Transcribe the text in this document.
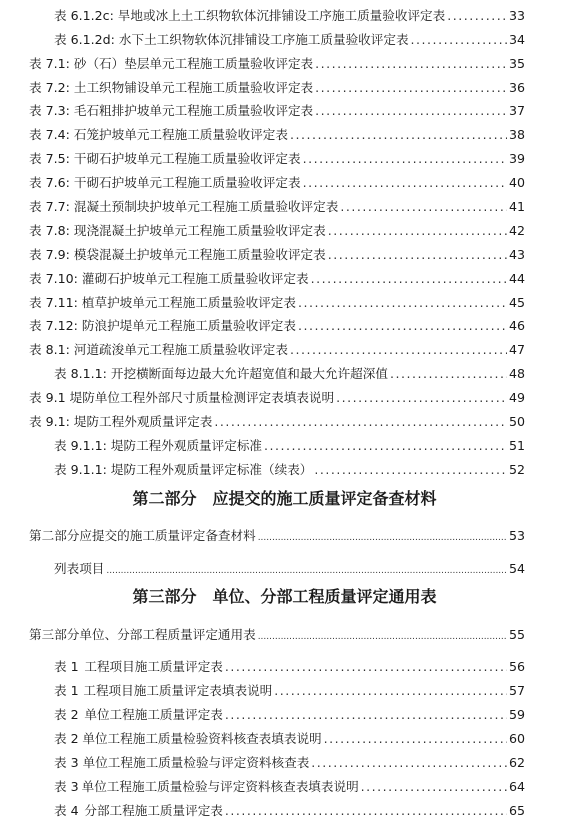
表 6.1.2c: 旱地或冰上土工织物软体沉排铺设工序施工质量验收评定表 .....	33
表 6.1.2d: 水下土工织物软体沉排铺设工序施工质量验收评定表 .....	34
表 7.1: 砂（石）垫层单元工程施工质量验收评定表 .....	35
表 7.2: 土工织物铺设单元工程施工质量验收评定表 .....	36
表 7.3: 毛石粗排护坡单元工程施工质量验收评定表 .....	37
表 7.4: 石笼护坡单元工程施工质量验收评定表 .....	38
表 7.5: 干砌石护坡单元工程施工质量验收评定表 .....	39
表 7.6: 干砌石护坡单元工程施工质量验收评定表 .....	40
表 7.7: 混凝土预制块护坡单元工程施工质量验收评定表 .....	41
表 7.8: 现浇混凝土护坡单元工程施工质量验收评定表 .....	42
表 7.9: 模袋混凝土护坡单元工程施工质量验收评定表 .....	43
表 7.10: 灌砌石护坡单元工程施工质量验收评定表 .....	44
表 7.11: 植草护坡单元工程施工质量验收评定表 .....	45
表 7.12: 防浪护堤单元工程施工质量验收评定表 .....	46
表 8.1: 河道疏浚单元工程施工质量验收评定表 .....	47
表 8.1.1: 开挖横断面每边最大允许超宽值和最大允许超深值 .....	48
表 9.1 堤防单位工程外部尺寸质量检测评定表填表说明 .....	49
表 9.1: 堤防工程外观质量评定表 .....	50
表 9.1.1: 堤防工程外观质量评定标准 .....	51
表 9.1.1: 堤防工程外观质量评定标准（续表） .....	52
第二部分　应提交的施工质量评定备查材料
第二部分应提交的施工质量评定备查材料 .....	53
列表项目 .....	54
第三部分　单位、分部工程质量评定通用表
第三部分单位、分部工程质量评定通用表 .....	55
表 1 工程项目施工质量评定表 .....	56
表 1 工程项目施工质量评定表填表说明 .....	57
表 2 单位工程施工质量评定表 .....	59
表 2 单位工程施工质量检验资料核查表填表说明 .....	60
表 3 单位工程施工质量检验与评定资料核查表 .....	62
表 3 单位工程施工质量检验与评定资料核查表填表说明 .....	64
表 4 分部工程施工质量评定表 .....	65
